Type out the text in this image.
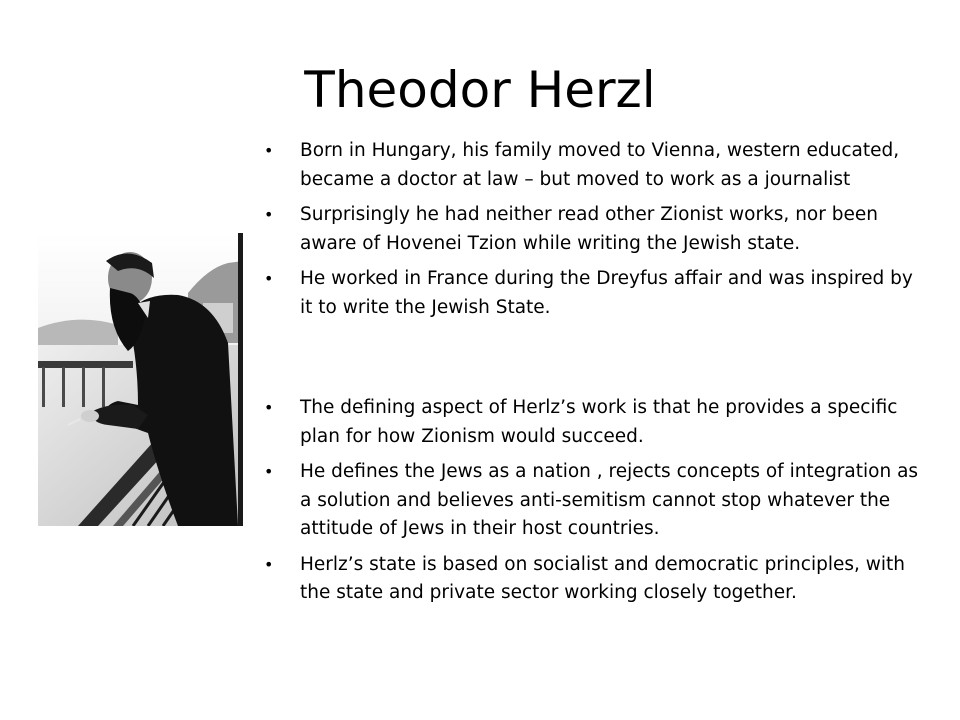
Theodor Herzl
• Born in Hungary, his family moved to Vienna, western educated, became a doctor at law – but moved to work as a journalist
• Surprisingly he had neither read other Zionist works, nor been aware of Hovenei Tzion while writing the Jewish state.
• He worked in France during the Dreyfus affair and was inspired by it to write the Jewish State.
• The defining aspect of Herlz’s work is that he provides a specific plan for how Zionism would succeed.
• He defines the Jews as a nation , rejects concepts of integration as a solution and believes anti-semitism cannot stop whatever the attitude of Jews in their host countries.
• Herlz’s state is based on socialist and democratic principles, with the state and private sector working closely together.
